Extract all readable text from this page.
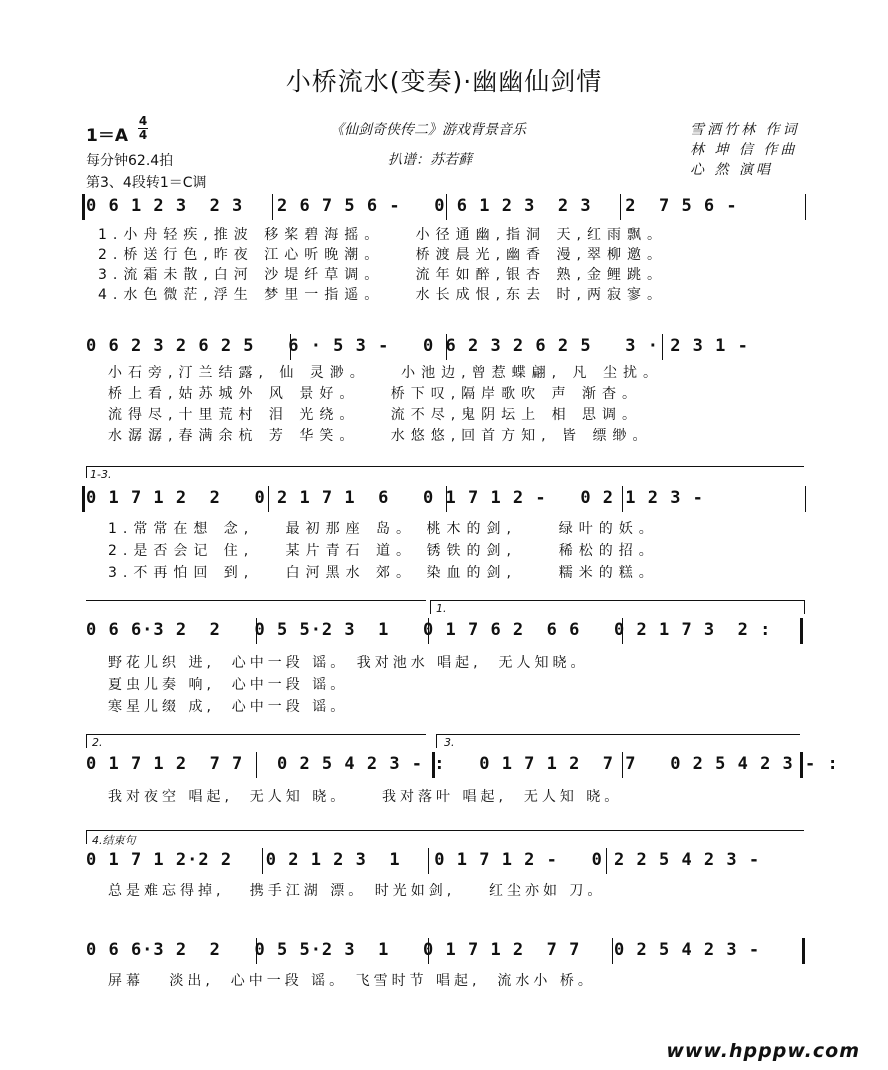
小桥流水(变奏)·幽幽仙剑情
1＝A
4
4
每分钟62.4拍
第3、4段转1＝C调
《仙剑奇侠传二》游戏背景音乐
扒谱：苏若藓
雪洒竹林 作词
林 坤 信 作曲
心 然 演唱
0 6 1 2 3  2 3   2 6 7 5 6 -   0 6 1 2 3  2 3   2  7 5 6 -
1.小舟轻疾,推波 移桨碧海摇。   小径通幽,指洞 天,红雨飘。
2.桥送行色,昨夜 江心听晚潮。   桥渡晨光,幽香 漫,翠柳邀。
3.流霜未散,白河 沙堤纤草调。   流年如醉,银杏 熟,金鲤跳。
4.水色微茫,浮生 梦里一指遥。   水长成恨,东去 时,两寂寥。
0 6 2 3 2 6 2 5   6 · 5 3 -   0 6 2 3 2 6 2 5   3 · 2 3 1 -
小石旁,汀兰结露, 仙 灵渺。   小池边,曾惹蝶翩, 凡 尘扰。
桥上看,姑苏城外 风 景好。   桥下叹,隔岸歌吹 声 渐杳。
流得尽,十里荒村 泪 光绕。   流不尽,鬼阴坛上 相 思调。
水潺潺,春满余杭 芳 华笑。   水悠悠,回首方知, 皆 缥缈。
1-3.
0 1 7 1 2  2   0 2 1 7 1  6   0 1 7 1 2 -   0 2 1 2 3 -
1.常常在想 念,   最初那座 岛。 桃木的剑,    绿叶的妖。
2.是否会记 住,   某片青石 道。 锈铁的剑,    稀松的招。
3.不再怕回 到,   白河黑水 郊。 染血的剑,    糯米的糕。
1.
0 6 6·3 2  2   0 5 5·2 3  1   0 1 7 6 2  6 6   0 2 1 7 3  2 :
野花儿织 进,  心中一段 谣。 我对池水 唱起,  无人知晓。
夏虫儿奏 响,  心中一段 谣。
寒星儿缀 成,  心中一段 谣。
2.	3.
0 1 7 1 2  7 7   0 2 5 4 2 3 - :   0 1 7 1 2  7 7   0 2 5 4 2 3 - :
我对夜空 唱起,  无人知 晓。    我对落叶 唱起,  无人知 晓。
4.结束句
0 1 7 1 2·2 2   0 2 1 2 3  1   0 1 7 1 2 -   0 2 2 5 4 2 3 -
总是难忘得掉,   携手江湖 漂。 时光如剑,    红尘亦如 刀。
0 6 6·3 2  2   0 5 5·2 3  1   0 1 7 1 2  7 7   0 2 5 4 2 3 -
屏幕   淡出,  心中一段 谣。 飞雪时节 唱起,  流水小 桥。
www.hpppw.com
